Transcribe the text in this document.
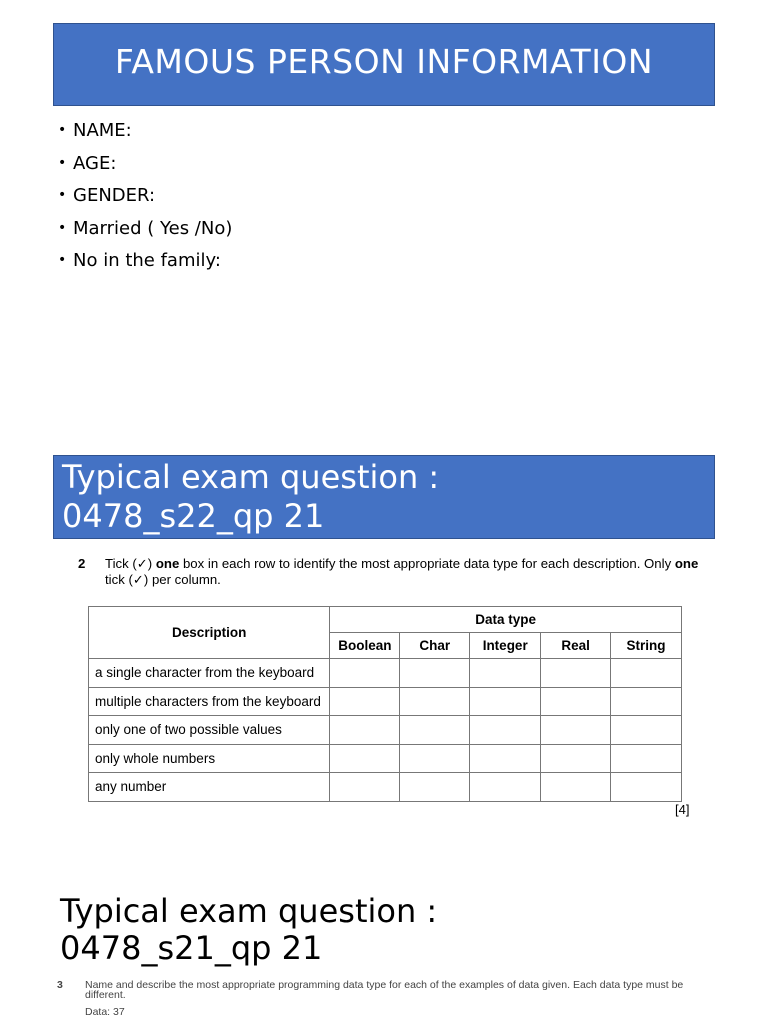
FAMOUS PERSON INFORMATION
• NAME:
• AGE:
• GENDER:
• Married ( Yes /No)
• No in the family:
Typical exam question :
0478_s22_qp 21
2 Tick (✓) one box in each row to identify the most appropriate data type for each description. Only one tick (✓) per column.
Description	Data type				
	Boolean	Char	Integer	Real	String
a single character from the keyboard					
multiple characters from the keyboard					
only one of two possible values					
only whole numbers					
any number					
[4]
Typical exam question :
0478_s21_qp 21
3 Name and describe the most appropriate programming data type for each of the examples of data given. Each data type must be different.
Data: 37
